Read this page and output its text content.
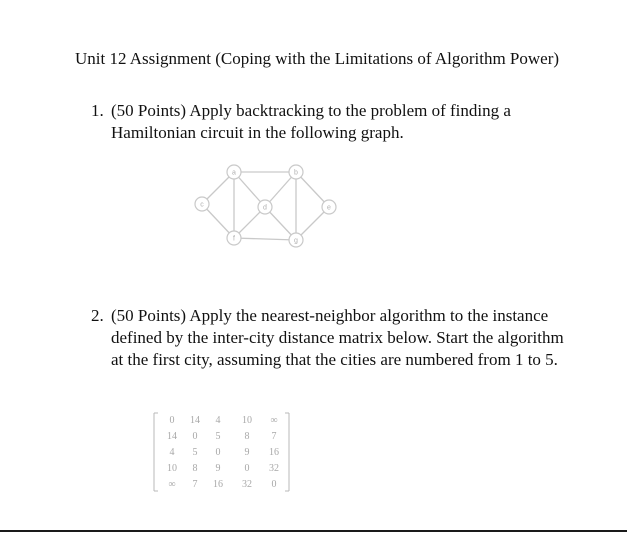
Unit 12 Assignment (Coping with the Limitations of Algorithm Power)
1. (50 Points) Apply backtracking to the problem of finding a Hamiltonian circuit in the following graph.
a	b
c	d	e
f	g
2. (50 Points) Apply the nearest-neighbor algorithm to the instance defined by the inter-city distance matrix below. Start the algorithm at the first city, assuming that the cities are numbered from 1 to 5.
0 14 4 10 ∞
14 0 5 8 7
4 5 0 9 16
10 8 9 0 32
∞ 7 16 32 0
